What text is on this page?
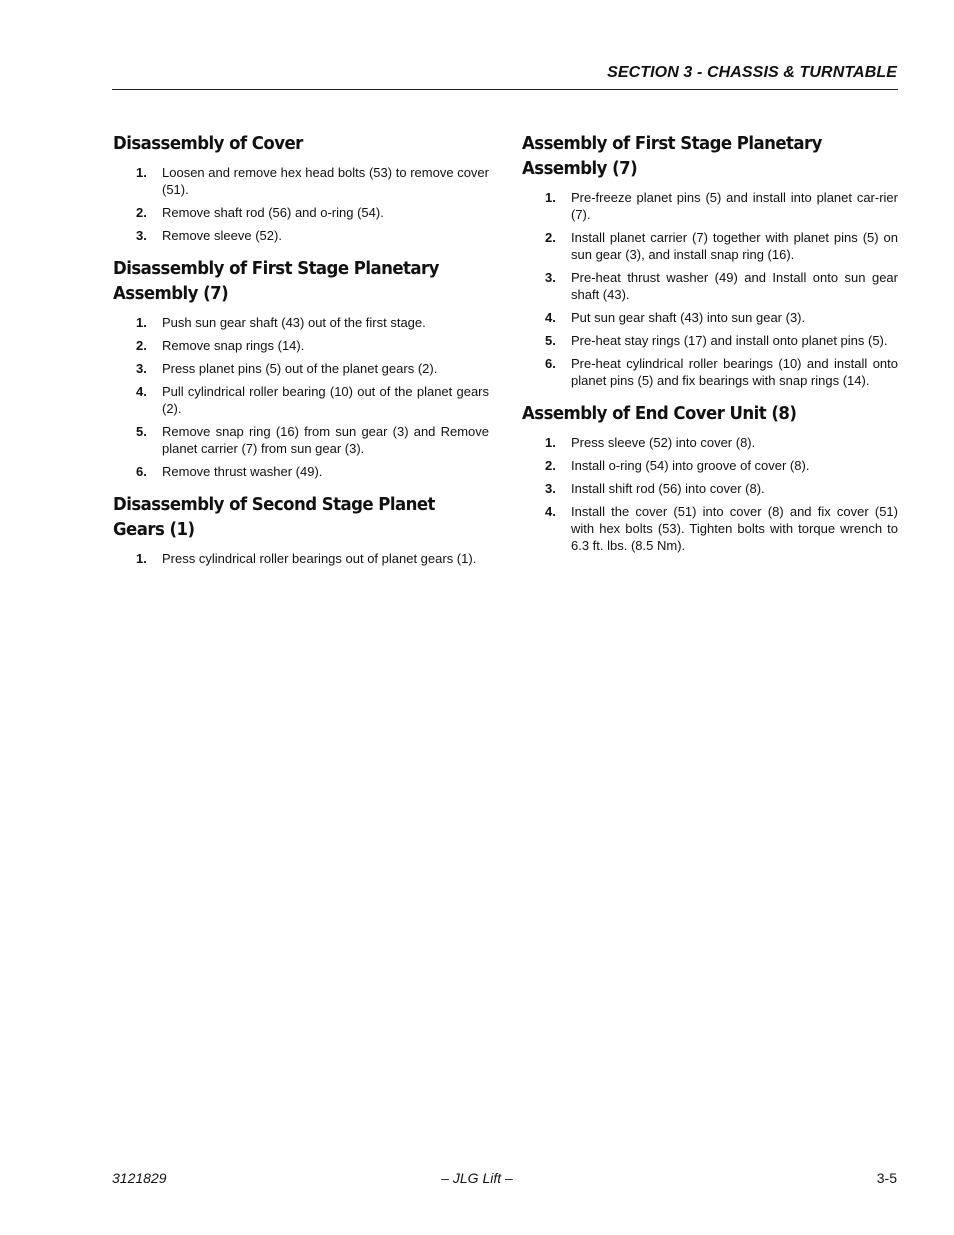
SECTION 3 - CHASSIS & TURNTABLE
Disassembly of Cover
1. Loosen and remove hex head bolts (53) to remove cover (51).
2. Remove shaft rod (56) and o-ring (54).
3. Remove sleeve (52).
Disassembly of First Stage Planetary Assembly (7)
1. Push sun gear shaft (43) out of the first stage.
2. Remove snap rings (14).
3. Press planet pins (5) out of the planet gears (2).
4. Pull cylindrical roller bearing (10) out of the planet gears (2).
5. Remove snap ring (16) from sun gear (3) and Remove planet carrier (7) from sun gear (3).
6. Remove thrust washer (49).
Disassembly of Second Stage Planet Gears (1)
1. Press cylindrical roller bearings out of planet gears (1).
Assembly of First Stage Planetary Assembly (7)
1. Pre-freeze planet pins (5) and install into planet car-rier (7).
2. Install planet carrier (7) together with planet pins (5) on sun gear (3), and install snap ring (16).
3. Pre-heat thrust washer (49) and Install onto sun gear shaft (43).
4. Put sun gear shaft (43) into sun gear (3).
5. Pre-heat stay rings (17) and install onto planet pins (5).
6. Pre-heat cylindrical roller bearings (10) and install onto planet pins (5) and fix bearings with snap rings (14).
Assembly of End Cover Unit (8)
1. Press sleeve (52) into cover (8).
2. Install o-ring (54) into groove of cover (8).
3. Install shift rod (56) into cover (8).
4. Install the cover (51) into cover (8) and fix cover (51) with hex bolts (53). Tighten bolts with torque wrench to 6.3 ft. lbs. (8.5 Nm).
3121829	– JLG Lift –	3-5
